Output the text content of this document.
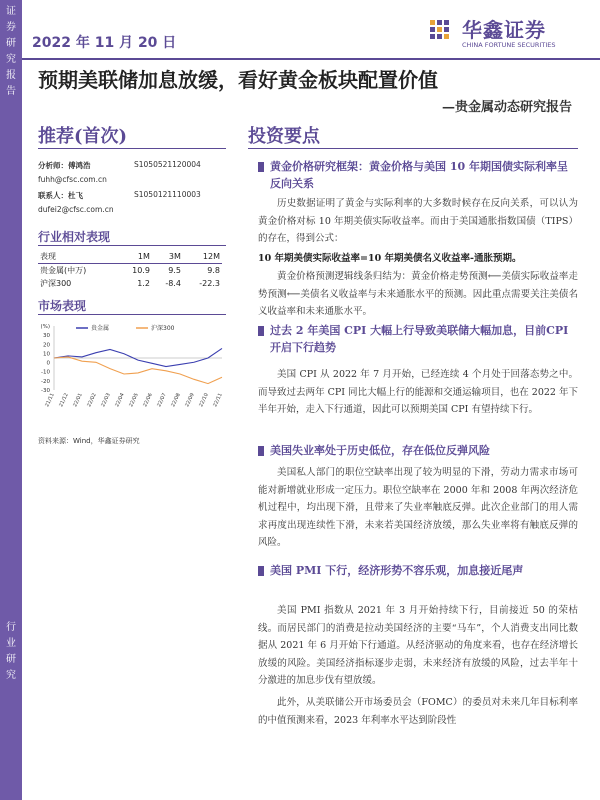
证
券
研
究
报
告
行
业
研
究
2022 年 11 月 20 日
华鑫证券
CHINA FORTUNE SECURITIES
预期美联储加息放缓，看好黄金板块配置价值
—贵金属动态研究报告
推荐(首次)	投资要点
分析师：傅鸿浩	S1050521120004
fuhh@cfsc.com.cn
联系人：杜飞	S1050121110003
dufei2@cfsc.com.cn
行业相对表现
表现	1M	3M	12M
贵金属(中万)	10.9	9.5	9.8
沪深300	1.2	-8.4	-22.3
市场表现
(%)
30
20
10
0
-10
-20
-30
21/11 21/12 22/01 22/02 22/03 22/04 22/05 22/06 22/07 22/08 22/09 22/10 22/11
贵金属	沪深300
资料来源：Wind，华鑫证券研究
黄金价格研究框架：黄金价格与美国 10 年期国债实际利率呈反向关系
历史数据证明了黄金与实际利率的大多数时候存在反向关系，可以认为黄金价格对标 10 年期美债实际收益率。而由于美国通胀指数国债（TIPS）的存在，得到公式：
10 年期美债实际收益率=10 年期美债名义收益率-通胀预期。
黄金价格预测逻辑线条归结为：黄金价格走势预测⟵美债实际收益率走势预测⟵美债名义收益率与未来通胀水平的预测。因此重点需要关注美债名义收益率和未来通胀水平。
过去 2 年美国 CPI 大幅上行导致美联储大幅加息，目前CPI开启下行趋势
美国 CPI 从 2022 年 7 月开始，已经连续 4 个月处于回落态势之中。而导致过去两年 CPI 同比大幅上行的能源和交通运输项目，也在 2022 年下半年开始，走入下行通道，因此可以预期美国 CPI 有望持续下行。
美国失业率处于历史低位，存在低位反弹风险
美国私人部门的职位空缺率出现了较为明显的下滑，劳动力需求市场可能对新增就业形成一定压力。职位空缺率在 2000 年和 2008 年两次经济危机过程中，均出现下滑，且带来了失业率触底反弹。此次企业部门的用人需求再度出现连续性下滑，未来若美国经济放缓，那么失业率将有触底反弹的风险。
美国 PMI 下行，经济形势不容乐观，加息接近尾声
美国 PMI 指数从 2021 年 3 月开始持续下行，目前接近 50 的荣枯线。而居民部门的消费是拉动美国经济的主要“马车”，个人消费支出同比数据从 2021 年 6 月开始下行通道。从经济驱动的角度来看，也存在经济增长放缓的风险。美国经济指标逐步走弱，未来经济有放缓的风险，过去半年十分激进的加息步伐有望放缓。
此外，从美联储公开市场委员会（FOMC）的委员对未来几年目标利率的中值预测来看，2023 年利率水平达到阶段性
